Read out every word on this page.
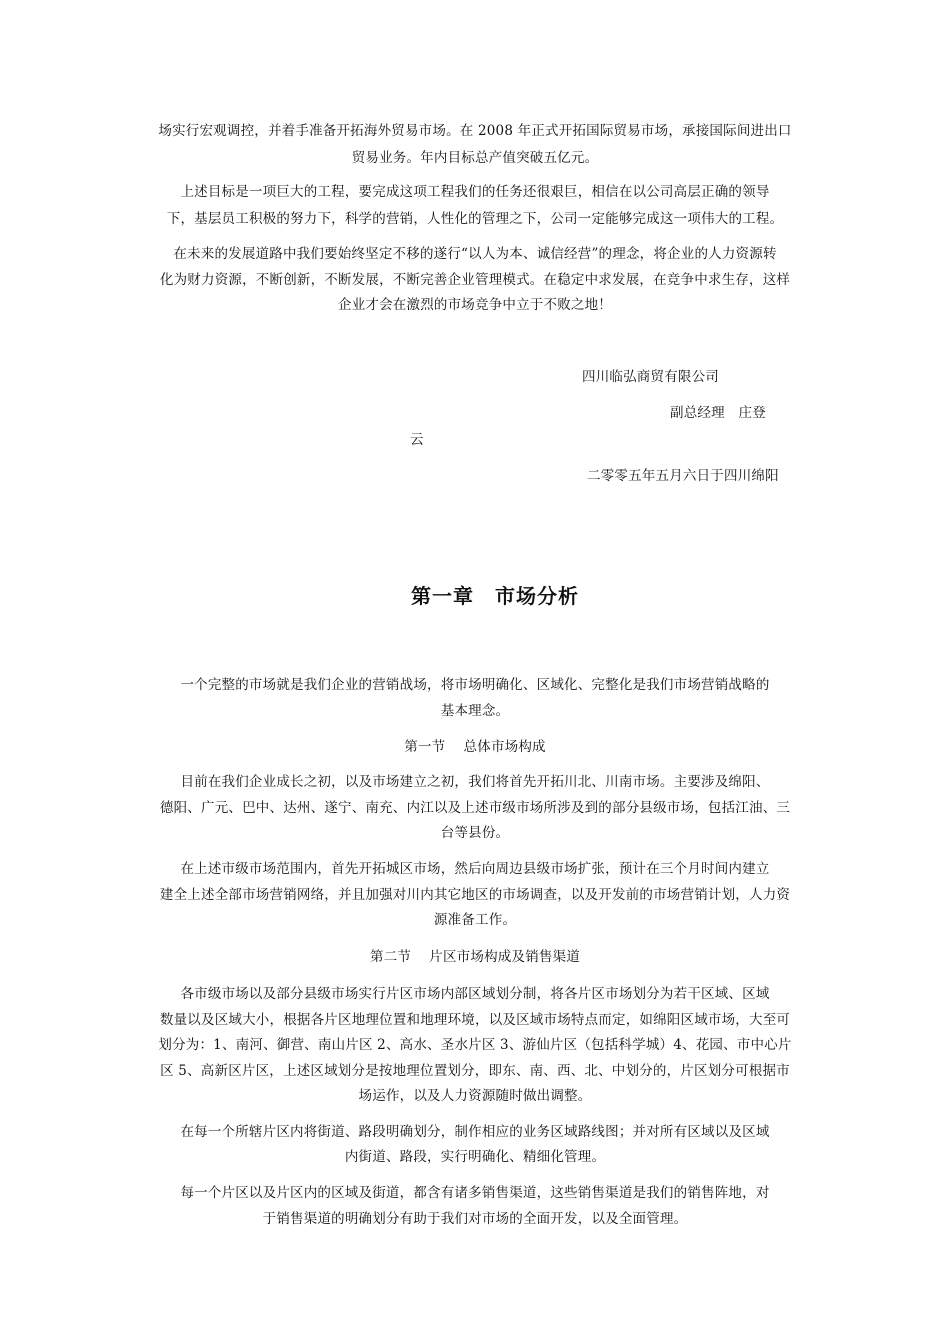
场实行宏观调控，并着手准备开拓海外贸易市场。在 2008 年正式开拓国际贸易市场，承接国际间进出口
贸易业务。年内目标总产值突破五亿元。
上述目标是一项巨大的工程，要完成这项工程我们的任务还很艰巨，相信在以公司高层正确的领导
下，基层员工积极的努力下，科学的营销，人性化的管理之下，公司一定能够完成这一项伟大的工程。
在未来的发展道路中我们要始终坚定不移的遂行“以人为本、诚信经营”的理念，将企业的人力资源转
化为财力资源，不断创新，不断发展，不断完善企业管理模式。在稳定中求发展，在竞争中求生存，这样
企业才会在激烈的市场竞争中立于不败之地！
四川临弘商贸有限公司
副总经理　庄登
云
二零零五年五月六日于四川绵阳
第一章　市场分析
一个完整的市场就是我们企业的营销战场，将市场明确化、区域化、完整化是我们市场营销战略的
基本理念。
第一节　 总体市场构成
目前在我们企业成长之初，以及市场建立之初，我们将首先开拓川北、川南市场。主要涉及绵阳、
德阳、广元、巴中、达州、遂宁、南充、内江以及上述市级市场所涉及到的部分县级市场，包括江油、三
台等县份。
在上述市级市场范围内，首先开拓城区市场，然后向周边县级市场扩张，预计在三个月时间内建立
建全上述全部市场营销网络，并且加强对川内其它地区的市场调查，以及开发前的市场营销计划，人力资
源准备工作。
第二节　 片区市场构成及销售渠道
各市级市场以及部分县级市场实行片区市场内部区域划分制，将各片区市场划分为若干区域、区域
数量以及区域大小，根据各片区地理位置和地理环境，以及区域市场特点而定，如绵阳区域市场，大至可
划分为：1、南河、御营、南山片区 2、高水、圣水片区 3、游仙片区（包括科学城）4、花园、市中心片
区 5、高新区片区，上述区域划分是按地理位置划分，即东、南、西、北、中划分的，片区划分可根据市
场运作，以及人力资源随时做出调整。
在每一个所辖片区内将街道、路段明确划分，制作相应的业务区域路线图；并对所有区域以及区域
内街道、路段，实行明确化、精细化管理。
每一个片区以及片区内的区域及街道，都含有诸多销售渠道，这些销售渠道是我们的销售阵地，对
于销售渠道的明确划分有助于我们对市场的全面开发，以及全面管理。
